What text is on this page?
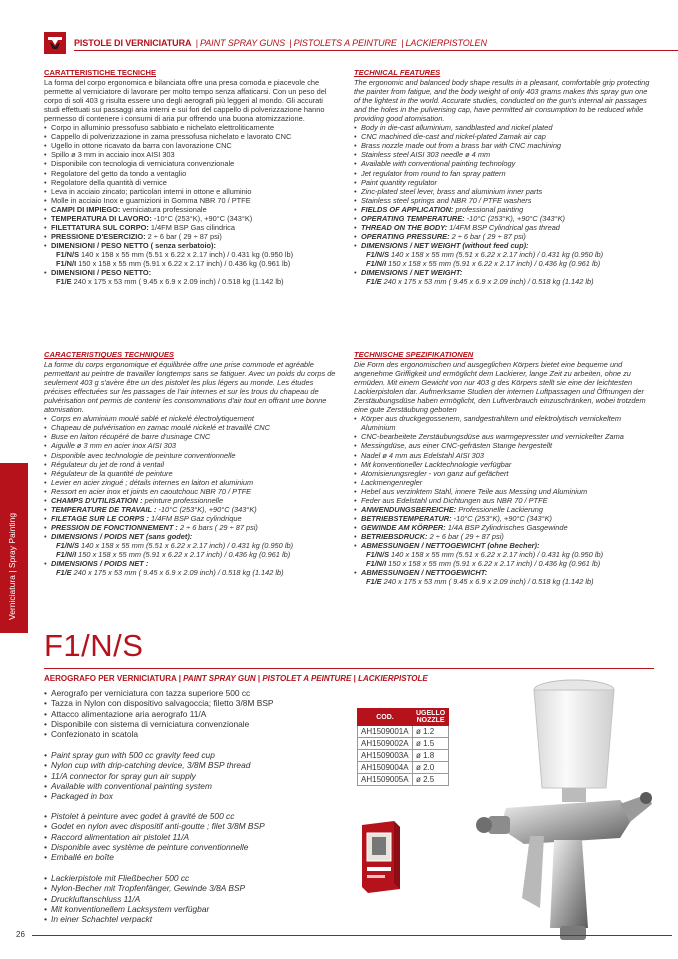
PISTOLE DI VERNICIATURA | PAINT SPRAY GUNS | PISTOLETS A PEINTURE | LACKIERPISTOLEN
Verniciatura | Spray Painting
CARATTERISTICHE TECNICHE
La forma del corpo ergonomica e bilanciata offre una presa comoda e piacevole che permette al verniciatore di lavorare per molto tempo senza affaticarsi. Con un peso del corpo di soli 403 g risulta essere uno degli aerografi più leggeri al mondo. Gli accurati studi effettuati sui passaggi aria interni e sui fori del cappello di polverizzazione hanno permesso di contenere i consumi di aria pur offrendo una buona atomizzazione.
• Corpo in alluminio pressofuso sabbiato e nichelato elettroliticamente
• Cappello di polverizzazione in zama pressofusa nichelato e lavorato CNC
• Ugello in ottone ricavato da barra con lavorazione CNC
• Spillo ø 3 mm in acciaio inox AISI 303
• Disponibile con tecnologia di verniciatura convenzionale
• Regolatore del getto da tondo a ventaglio
• Regolatore della quantità di vernice
• Leva in acciaio zincato; particolari interni in ottone e alluminio
• Molle in acciaio Inox e guarnizioni in Gomma NBR 70 / PTFE
• CAMPI DI IMPIEGO: verniciatura professionale
• TEMPERATURA DI LAVORO: -10°C (253°K), +90°C (343°K)
• FILETTATURA SUL CORPO: 1/4FM BSP Gas cilindrica
• PRESSIONE D'ESERCIZIO: 2 ÷ 6 bar ( 29 ÷ 87 psi)
• DIMENSIONI / PESO NETTO ( senza serbatoio):
F1/N/S 140 x 158 x 55 mm (5.51 x 6.22 x 2.17 inch) / 0.431 kg (0.950 lb)
F1/N/I 150 x 158 x 55 mm (5.91 x 6.22 x 2.17 inch) / 0.436 kg (0.961 lb)
• DIMENSIONI / PESO NETTO:
F1/E 240 x 175 x 53 mm ( 9.45 x 6.9 x 2.09 inch) / 0.518 kg (1.142 lb)
TECHNICAL FEATURES
The ergonomic and balanced body shape results in a pleasant, comfortable grip protecting the painter from fatigue, and the body weight of only 403 grams makes this spray gun one of the lightest in the world. Accurate studies, conducted on the gun's internal air passages and the holes in the pulverising cap, have permitted air consumption to be reduced while providing good atomisation.
• Body in die-cast alluminium, sandblasted and nickel plated
• CNC machined die-cast and nickel-plated Zamak air cap
• Brass nozzle made out from a brass bar with CNC machining
• Stainless steel AISI 303 needle ø 4 mm
• Available with conventional painting technology
• Jet regulator from round to fan spray pattern
• Paint quantity regulator
• Zinc-plated steel lever, brass and aluminium inner parts
• Stainless steel springs and NBR 70 / PTFE washers
• FIELDS OF APPLICATION: professional painting
• OPERATING TEMPERATURE: -10°C (253°K), +90°C (343°K)
• THREAD ON THE BODY: 1/4FM BSP Cylindrical gas thread
• OPERATING PRESSURE: 2 ÷ 6 bar ( 29 ÷ 87 psi)
• DIMENSIONS / NET WEIGHT (without feed cup):
F1/N/S 140 x 158 x 55 mm (5.51 x 6.22 x 2.17 inch) / 0.431 kg (0.950 lb)
F1/N/I 150 x 158 x 55 mm (5.91 x 6.22 x 2.17 inch) / 0.436 kg (0.961 lb)
• DIMENSIONS / NET WEIGHT:
F1/E 240 x 175 x 53 mm ( 9.45 x 6.9 x 2.09 inch) / 0.518 kg (1.142 lb)
CARACTERISTIQUES TECHNIQUES
La forme du corps ergonomique et équilibrée offre une prise commode et agréable permettant au peintre de travailler longtemps sans se fatiguer. Avec un poids du corps de seulement 403 g s'avère être un des pistolet les plus légers au monde. Les études précises effectuées sur les passages de l'air internes et sur les trous du chapeau de pulvérisation ont permis de contenir les consommations d'air tout en offrant une bonne atomisation.
• Corps en aluminium moulé sablé et nickelé électrolytiquement
• Chapeau de pulvérisation en zamac moulé nickelé et travaillé CNC
• Buse en laiton récupéré de barre d'usinage CNC
• Aiguille ø 3 mm en acier inox AISI 303
• Disponible avec technologie de peinture conventionnelle
• Régulateur du jet de rond à ventail
• Régulateur de la quantité de peinture
• Levier en acier zingué ; détails internes en laiton et aluminium
• Ressort en acier inox et joints en caoutchouc NBR 70 / PTFE
• CHAMPS D'UTILISATION : peinture professionnelle
• TEMPERATURE DE TRAVAIL : -10°C (253°K), +90°C (343°K)
• FILETAGE SUR LE CORPS : 1/4FM BSP Gaz cylindrique
• PRESSION DE FONCTIONNEMENT : 2 ÷ 6 bars ( 29 ÷ 87 psi)
• DIMENSIONS / POIDS NET (sans godet):
F1/N/S 140 x 158 x 55 mm (5.51 x 6.22 x 2.17 inch) / 0.431 kg (0.950 lb)
F1/N/I 150 x 158 x 55 mm (5.91 x 6.22 x 2.17 inch) / 0.436 kg (0.961 lb)
• DIMENSIONS / POIDS NET :
F1/E 240 x 175 x 53 mm ( 9.45 x 6.9 x 2.09 inch) / 0.518 kg (1.142 lb)
TECHNISCHE SPEZIFIKATIONEN
Die Form des ergonomischen und ausgeglichen Körpers bietet eine bequeme und angenehme Griffigkeit und ermöglicht dem Lackierer, lange Zeit zu arbeiten, ohne zu ermüden. Mit einem Gewicht von nur 403 g des Körpers stellt sie eine der leichtesten Lackierpistolen dar. Aufmerksame Studien der internen Luftpassagen und Öffnungen der Zerstäubungsdüse haben ermöglicht, den Luftverbrauch einzuschränken, wobei trotzdem eine gute Zerstäubung geboten
• Körper aus druckgegossenem, sandgestrahltem und elektrolytisch vernickeltem Aluminium
• CNC-bearbeitete Zerstäubungsdüse aus warmgepresster und vernickelter Zama
• Messingdüse, aus einer CNC-gefrästen Stange hergestellt
• Nadel ø 4 mm aus Edelstahl AISI 303
• Mit konventioneller Lacktechnologie verfügbar
• Atomisierungsregler - von ganz auf gefächert
• Lackmengenregler
• Hebel aus verzinktem Stahl, innere Teile aus Messing und Aluminium
• Feder aus Edelstahl und Dichtungen aus NBR 70 / PTFE
• ANWENDUNGSBEREICHE: Professionelle Lackierung
• BETRIEBSTEMPERATUR: -10°C (253°K), +90°C (343°K)
• GEWINDE AM KÖRPER: 1/4A BSP Zylindrisches Gasgewinde
• BETRIEBSDRUCK: 2 ÷ 6 bar ( 29 ÷ 87 psi)
• ABMESSUNGEN / NETTOGEWICHT (ohne Becher):
F1/N/S 140 x 158 x 55 mm (5.51 x 6.22 x 2.17 inch) / 0.431 kg (0.950 lb)
F1/N/I 150 x 158 x 55 mm (5.91 x 6.22 x 2.17 inch) / 0.436 kg (0.961 lb)
• ABMESSUNGEN / NETTOGEWICHT:
F1/E 240 x 175 x 53 mm ( 9.45 x 6.9 x 2.09 inch) / 0.518 kg (1.142 lb)
F1/N/S
AEROGRAFO PER VERNICIATURA | PAINT SPRAY GUN | PISTOLET A PEINTURE | LACKIERPISTOLE
• Aerografo per verniciatura con tazza superiore 500 cc
• Tazza in Nylon con dispositivo salvagoccia; filetto 3/8M BSP
• Attacco alimentazione aria aerografo 11/A
• Disponibile con sistema di verniciatura convenzionale
• Confezionato in scatola
• Paint spray gun with 500 cc gravity feed cup
• Nylon cup with drip-catching device, 3/8M BSP thread
• 11/A connector for spray gun air supply
• Available with conventional painting system
• Packaged in box
• Pistolet à peinture avec godet à gravité de 500 cc
• Godet en nylon avec dispositif anti-goutte ; filet 3/8M BSP
• Raccord alimentation air pistolet 11/A
• Disponible avec système de peinture conventionnelle
• Emballé en boîte
• Lackierpistole mit Fließbecher 500 cc
• Nylon-Becher mit Tropfenfänger, Gewinde 3/8A BSP
• Druckluftanschluss 11/A
• Mit konventionellem Lacksystem verfügbar
• In einer Schachtel verpackt
COD.	UGELLO NOZZLE
AH1509001A	ø 1.2
AH1509002A	ø 1.5
AH1509003A	ø 1.8
AH1509004A	ø 2.0
AH1509005A	ø 2.5
26
